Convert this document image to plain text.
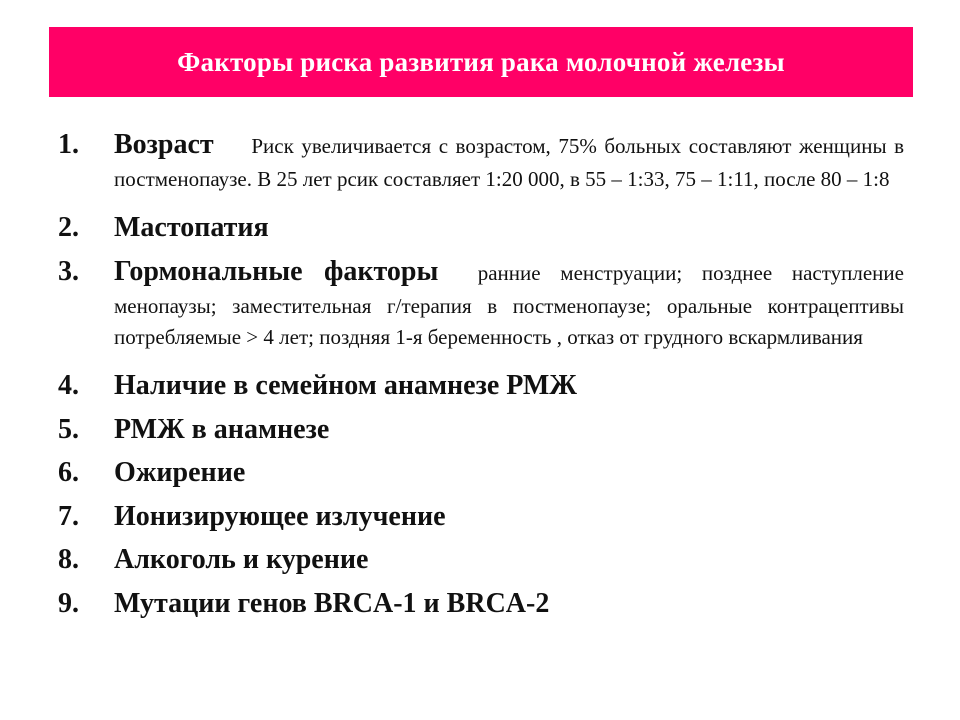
Факторы риска развития рака молочной железы
1.	Возраст Риск увеличивается с возрастом, 75% больных составляют женщины в постменопаузе. В 25 лет рсик составляет 1:20 000, в 55 – 1:33, 75 – 1:11, после 80 – 1:8
2.	Мастопатия
3.	Гормональные факторы ранние менструации; позднее наступление менопаузы; заместительная г/терапия в постменопаузе; оральные контрацептивы потребляемые > 4 лет; поздняя 1-я беременность , отказ от грудного вскармливания
4.	Наличие в семейном анамнезе РМЖ
5.	РМЖ в анамнезе
6.	Ожирение
7.	Ионизирующее излучение
8.	Алкоголь и курение
9.	Мутации генов BRCA-1 и BRCA-2
